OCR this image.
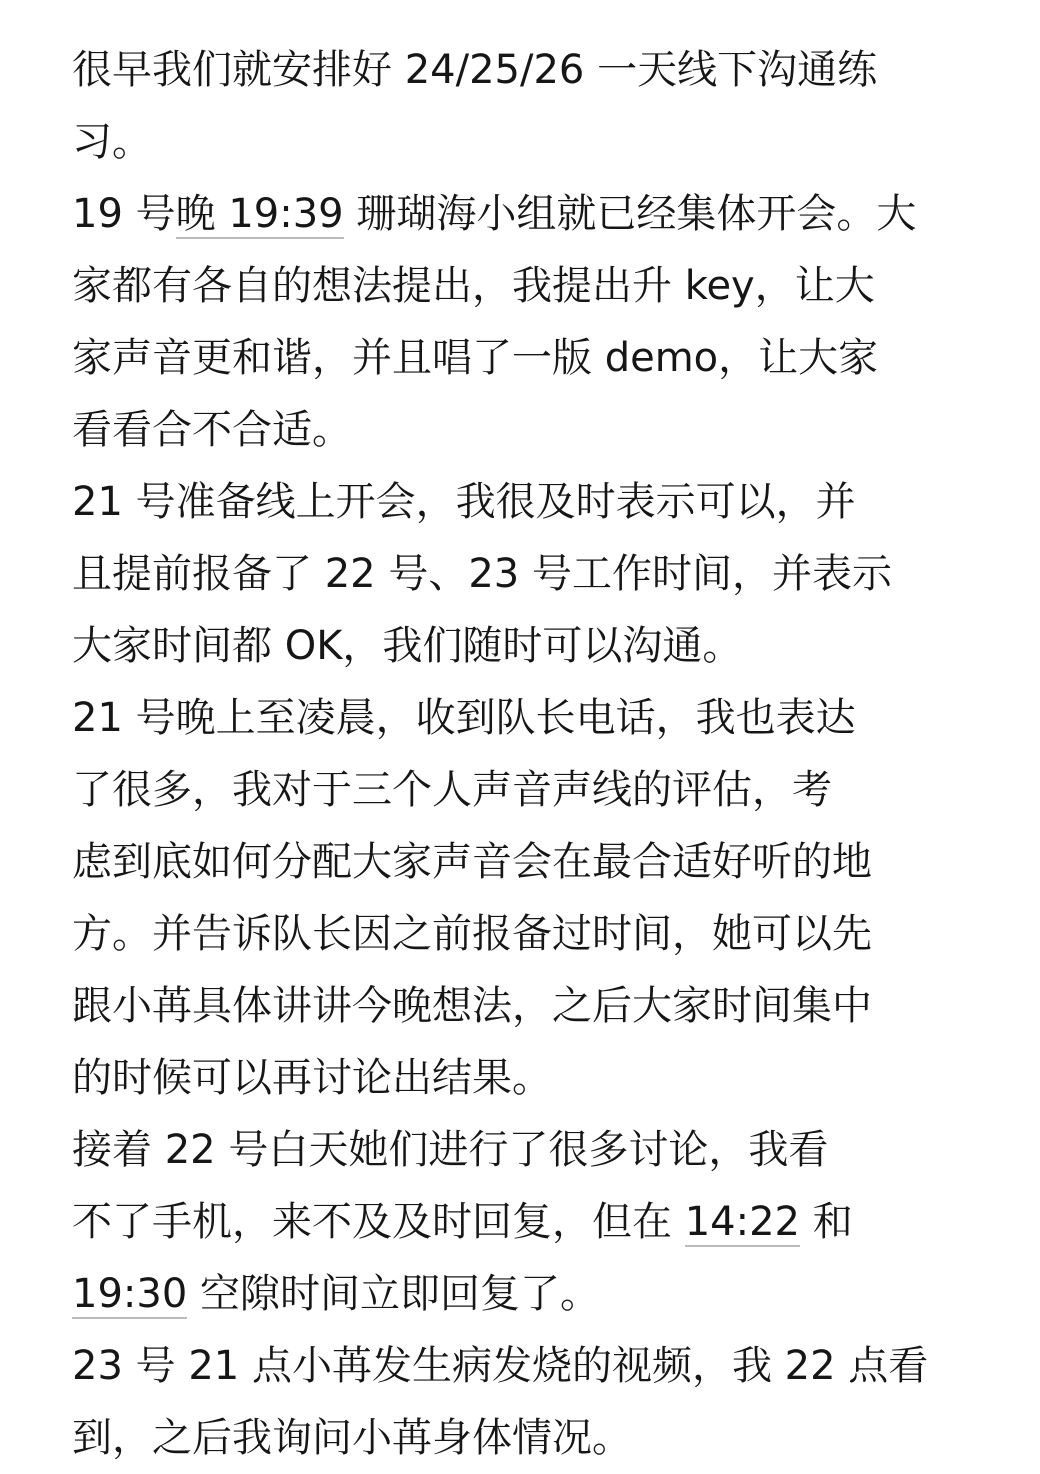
很早我们就安排好 24/25/26 一天线下沟通练
习。
19 号晚 19:39 珊瑚海小组就已经集体开会。大
家都有各自的想法提出，我提出升 key，让大
家声音更和谐，并且唱了一版 demo，让大家
看看合不合适。
21 号准备线上开会，我很及时表示可以，并
且提前报备了 22 号、23 号工作时间，并表示
大家时间都 OK，我们随时可以沟通。
21 号晚上至凌晨，收到队长电话，我也表达
了很多，我对于三个人声音声线的评估，考
虑到底如何分配大家声音会在最合适好听的地
方。并告诉队长因之前报备过时间，她可以先
跟小苒具体讲讲今晚想法，之后大家时间集中
的时候可以再讨论出结果。
接着 22 号白天她们进行了很多讨论，我看
不了手机，来不及及时回复，但在 14:22 和
19:30 空隙时间立即回复了。
23 号 21 点小苒发生病发烧的视频，我 22 点看
到，之后我询问小苒身体情况。
